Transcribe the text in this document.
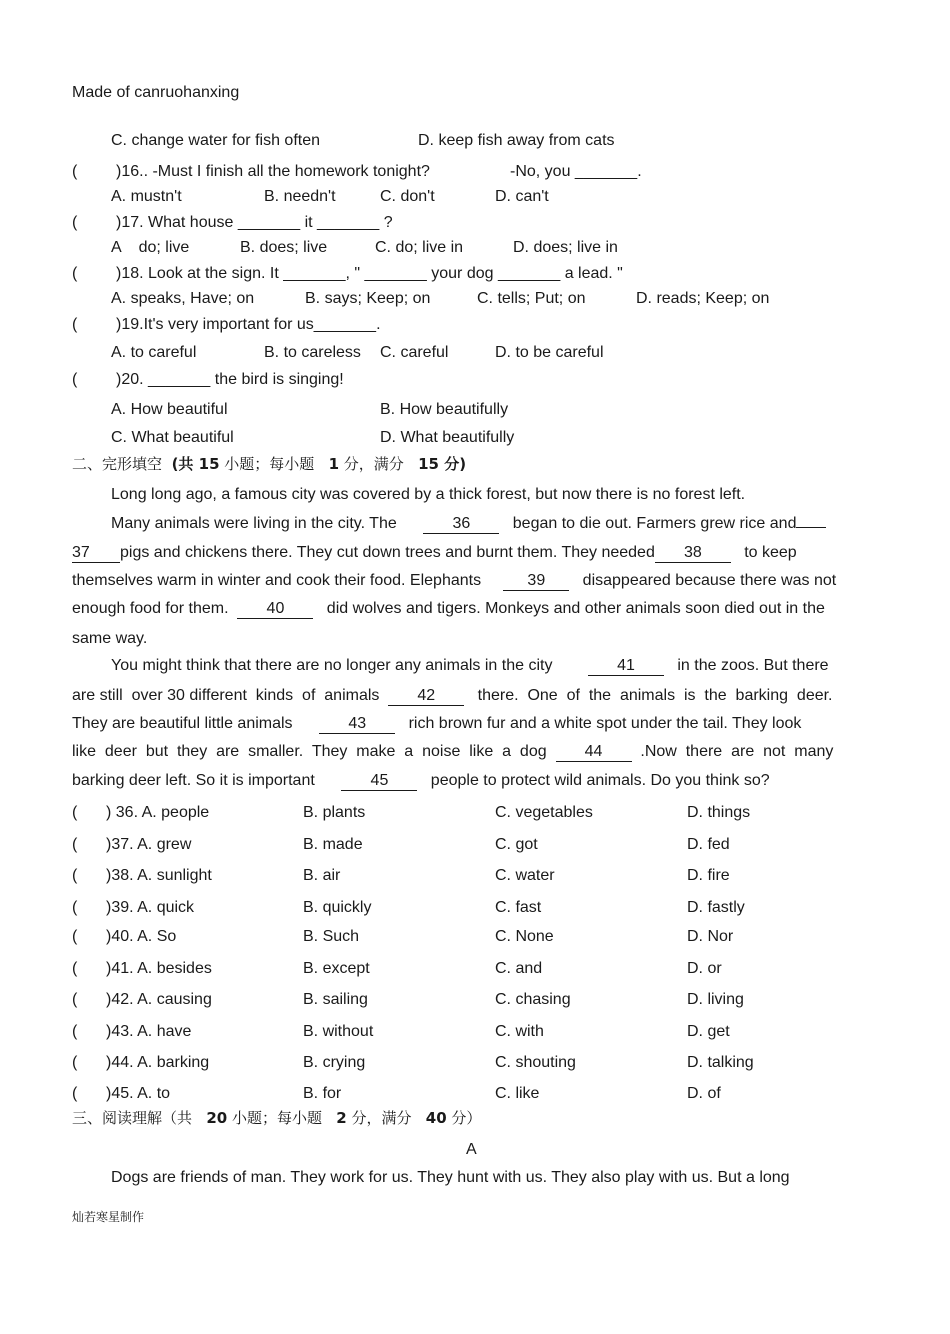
Made of canruohanxing
C. change water for fish often	D. keep fish away from cats
( )16.. -Must I finish all the homework tonight?	-No, you _______.
A. mustn't	B. needn't	C. don't	D. can't
( )17. What house _______ it _______ ?
A    do; live	B. does; live	C. do; live in	D. does; live in
( )18. Look at the sign. It _______, " _______ your dog _______ a lead. "
A. speaks, Have; on	B. says; Keep; on	C. tells; Put; on	D. reads; Keep; on
( )19.It's very important for us_______.
A. to careful	B. to careless C. careful	D. to be careful
( )20. _______ the bird is singing!
A. How beautiful	B. How beautifully
C. What beautiful	D. What beautifully
二、完形填空 (共 15 小题；每小题   1 分，满分   15 分)
Long long ago, a famous city was covered by a thick forest, but now there is no forest left.
Many animals were living in the city. The	36	began to die out. Farmers grew rice and
37 pigs and chickens there. They cut down trees and burnt them. They needed 38	to keep
themselves warm in winter and cook their food. Elephants	39 disappeared because there was not
enough food for them. 40	did wolves and tigers. Monkeys and other animals soon died out in the
same way.
You might think that there are no longer any animals in the city	41	in the zoos. But there
are still  over 30 different  kinds  of  animals 42	there.  One  of  the  animals  is  the  barking  deer.
They are beautiful little animals	43	rich brown fur and a white spot under the tail. They look
like  deer  but  they  are  smaller.  They  make  a  noise  like  a  dog 44 .Now  there  are  not  many
barking deer left. So it is important	45	people to protect wild animals. Do you think so?
( ) 36. A. people	B. plants	C. vegetables	D. things
( )37. A. grew	B. made	C. got	D. fed
( )38. A. sunlight	B. air	C. water	D. fire
( )39. A. quick	B. quickly	C. fast	D. fastly
( )40. A. So	B. Such	C. None	D. Nor
( )41. A. besides	B. except	C. and	D. or
( )42. A. causing	B. sailing	C. chasing	D. living
( )43. A. have	B. without	C. with	D. get
( )44. A. barking	B. crying	C. shouting	D. talking
( )45. A. to	B. for	C. like	D. of
三、阅读理解（共   20 小题；每小题   2 分，满分   40 分）
A
Dogs are friends of man. They work for us. They hunt with us. They also play with us. But a long
灿若寒星制作
